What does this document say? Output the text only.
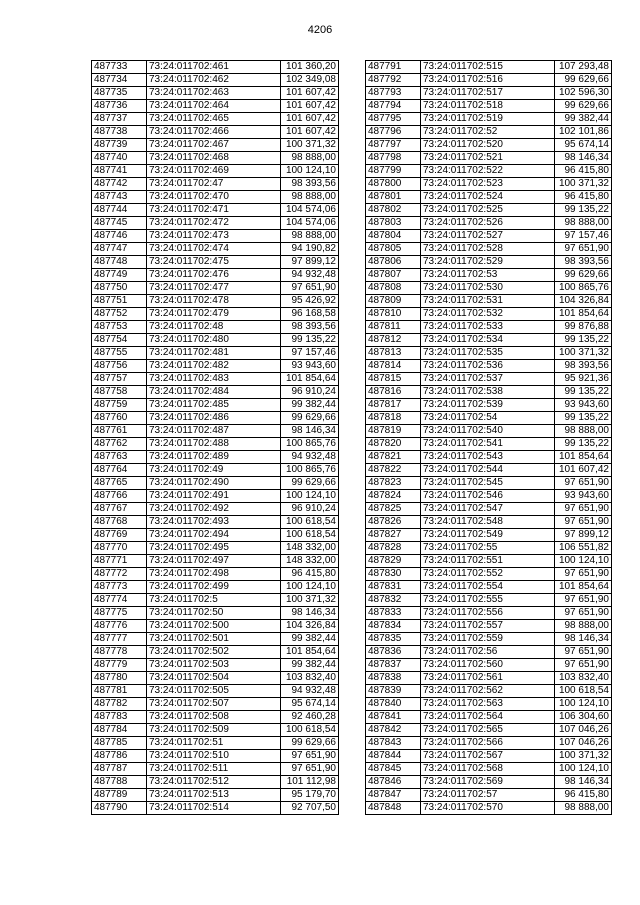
4206
487733	73:24:011702:461	101 360,20
487734	73:24:011702:462	102 349,08
487735	73:24:011702:463	101 607,42
487736	73:24:011702:464	101 607,42
487737	73:24:011702:465	101 607,42
487738	73:24:011702:466	101 607,42
487739	73:24:011702:467	100 371,32
487740	73:24:011702:468	98 888,00
487741	73:24:011702:469	100 124,10
487742	73:24:011702:47	98 393,56
487743	73:24:011702:470	98 888,00
487744	73:24:011702:471	104 574,06
487745	73:24:011702:472	104 574,06
487746	73:24:011702:473	98 888,00
487747	73:24:011702:474	94 190,82
487748	73:24:011702:475	97 899,12
487749	73:24:011702:476	94 932,48
487750	73:24:011702:477	97 651,90
487751	73:24:011702:478	95 426,92
487752	73:24:011702:479	96 168,58
487753	73:24:011702:48	98 393,56
487754	73:24:011702:480	99 135,22
487755	73:24:011702:481	97 157,46
487756	73:24:011702:482	93 943,60
487757	73:24:011702:483	101 854,64
487758	73:24:011702:484	96 910,24
487759	73:24:011702:485	99 382,44
487760	73:24:011702:486	99 629,66
487761	73:24:011702:487	98 146,34
487762	73:24:011702:488	100 865,76
487763	73:24:011702:489	94 932,48
487764	73:24:011702:49	100 865,76
487765	73:24:011702:490	99 629,66
487766	73:24:011702:491	100 124,10
487767	73:24:011702:492	96 910,24
487768	73:24:011702:493	100 618,54
487769	73:24:011702:494	100 618,54
487770	73:24:011702:495	148 332,00
487771	73:24:011702:497	148 332,00
487772	73:24:011702:498	96 415,80
487773	73:24:011702:499	100 124,10
487774	73:24:011702:5	100 371,32
487775	73:24:011702:50	98 146,34
487776	73:24:011702:500	104 326,84
487777	73:24:011702:501	99 382,44
487778	73:24:011702:502	101 854,64
487779	73:24:011702:503	99 382,44
487780	73:24:011702:504	103 832,40
487781	73:24:011702:505	94 932,48
487782	73:24:011702:507	95 674,14
487783	73:24:011702:508	92 460,28
487784	73:24:011702:509	100 618,54
487785	73:24:011702:51	99 629,66
487786	73:24:011702:510	97 651,90
487787	73:24:011702:511	97 651,90
487788	73:24:011702:512	101 112,98
487789	73:24:011702:513	95 179,70
487790	73:24:011702:514	92 707,50
487791	73:24:011702:515	107 293,48
487792	73:24:011702:516	99 629,66
487793	73:24:011702:517	102 596,30
487794	73:24:011702:518	99 629,66
487795	73:24:011702:519	99 382,44
487796	73:24:011702:52	102 101,86
487797	73:24:011702:520	95 674,14
487798	73:24:011702:521	98 146,34
487799	73:24:011702:522	96 415,80
487800	73:24:011702:523	100 371,32
487801	73:24:011702:524	96 415,80
487802	73:24:011702:525	99 135,22
487803	73:24:011702:526	98 888,00
487804	73:24:011702:527	97 157,46
487805	73:24:011702:528	97 651,90
487806	73:24:011702:529	98 393,56
487807	73:24:011702:53	99 629,66
487808	73:24:011702:530	100 865,76
487809	73:24:011702:531	104 326,84
487810	73:24:011702:532	101 854,64
487811	73:24:011702:533	99 876,88
487812	73:24:011702:534	99 135,22
487813	73:24:011702:535	100 371,32
487814	73:24:011702:536	98 393,56
487815	73:24:011702:537	95 921,36
487816	73:24:011702:538	99 135,22
487817	73:24:011702:539	93 943,60
487818	73:24:011702:54	99 135,22
487819	73:24:011702:540	98 888,00
487820	73:24:011702:541	99 135,22
487821	73:24:011702:543	101 854,64
487822	73:24:011702:544	101 607,42
487823	73:24:011702:545	97 651,90
487824	73:24:011702:546	93 943,60
487825	73:24:011702:547	97 651,90
487826	73:24:011702:548	97 651,90
487827	73:24:011702:549	97 899,12
487828	73:24:011702:55	106 551,82
487829	73:24:011702:551	100 124,10
487830	73:24:011702:552	97 651,90
487831	73:24:011702:554	101 854,64
487832	73:24:011702:555	97 651,90
487833	73:24:011702:556	97 651,90
487834	73:24:011702:557	98 888,00
487835	73:24:011702:559	98 146,34
487836	73:24:011702:56	97 651,90
487837	73:24:011702:560	97 651,90
487838	73:24:011702:561	103 832,40
487839	73:24:011702:562	100 618,54
487840	73:24:011702:563	100 124,10
487841	73:24:011702:564	106 304,60
487842	73:24:011702:565	107 046,26
487843	73:24:011702:566	107 046,26
487844	73:24:011702:567	100 371,32
487845	73:24:011702:568	100 124,10
487846	73:24:011702:569	98 146,34
487847	73:24:011702:57	96 415,80
487848	73:24:011702:570	98 888,00
